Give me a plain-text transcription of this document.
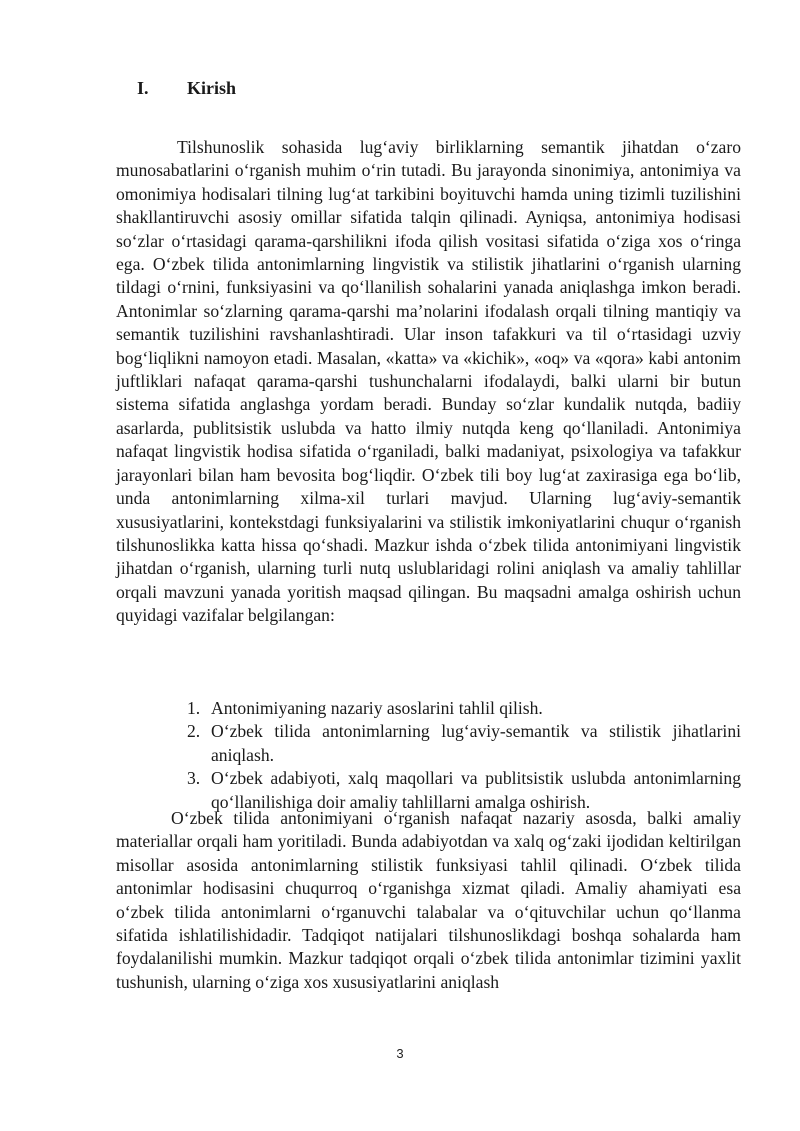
I. Kirish

Tilshunoslik sohasida lug‘aviy birliklarning semantik jihatdan o‘zaro munosabatlarini o‘rganish muhim o‘rin tutadi. Bu jarayonda sinonimiya, antonimiya va omonimiya hodisalari tilning lug‘at tarkibini boyituvchi hamda uning tizimli tuzilishini shakllantiruvchi asosiy omillar sifatida talqin qilinadi. Ayniqsa, antonimiya hodisasi so‘zlar o‘rtasidagi qarama-qarshilikni ifoda qilish vositasi sifatida o‘ziga xos o‘ringa ega. O‘zbek tilida antonimlarning lingvistik va stilistik jihatlarini o‘rganish ularning tildagi o‘rnini, funksiyasini va qo‘llanilish sohalarini yanada aniqlashga imkon beradi. Antonimlar so‘zlarning qarama-qarshi ma’nolarini ifodalash orqali tilning mantiqiy va semantik tuzilishini ravshanlashtiradi. Ular inson tafakkuri va til o‘rtasidagi uzviy bog‘liqlikni namoyon etadi. Masalan, «katta» va «kichik», «oq» va «qora» kabi antonim juftliklari nafaqat qarama-qarshi tushunchalarni ifodalaydi, balki ularni bir butun sistema sifatida anglashga yordam beradi. Bunday so‘zlar kundalik nutqda, badiiy asarlarda, publitsistik uslubda va hatto ilmiy nutqda keng qo‘llaniladi. Antonimiya nafaqat lingvistik hodisa sifatida o‘rganiladi, balki madaniyat, psixologiya va tafakkur jarayonlari bilan ham bevosita bog‘liqdir. O‘zbek tili boy lug‘at zaxirasiga ega bo‘lib, unda antonimlarning xilma-xil turlari mavjud. Ularning lug‘aviy-semantik xususiyatlarini, kontekstdagi funksiyalarini va stilistik imkoniyatlarini chuqur o‘rganish tilshunoslikka katta hissa qo‘shadi. Mazkur ishda o‘zbek tilida antonimiyani lingvistik jihatdan o‘rganish, ularning turli nutq uslublaridagi rolini aniqlash va amaliy tahlillar orqali mavzuni yanada yoritish maqsad qilingan. Bu maqsadni amalga oshirish uchun quyidagi vazifalar belgilangan:

1. Antonimiyaning nazariy asoslarini tahlil qilish.
2. O‘zbek tilida antonimlarning lug‘aviy-semantik va stilistik jihatlarini aniqlash.
3. O‘zbek adabiyoti, xalq maqollari va publitsistik uslubda antonimlarning qo‘llanilishiga doir amaliy tahlillarni amalga oshirish.

O‘zbek tilida antonimiyani o‘rganish nafaqat nazariy asosda, balki amaliy materiallar orqali ham yoritiladi. Bunda adabiyotdan va xalq og‘zaki ijodidan keltirilgan misollar asosida antonimlarning stilistik funksiyasi tahlil qilinadi. O‘zbek tilida antonimlar hodisasini chuqurroq o‘rganishga xizmat qiladi. Amaliy ahamiyati esa o‘zbek tilida antonimlarni o‘rganuvchi talabalar va o‘qituvchilar uchun qo‘llanma sifatida ishlatilishidadir. Tadqiqot natijalari tilshunoslikdagi boshqa sohalarda ham foydalanilishi mumkin. Mazkur tadqiqot orqali o‘zbek tilida antonimlar tizimini yaxlit tushunish, ularning o‘ziga xos xususiyatlarini aniqlash

3
